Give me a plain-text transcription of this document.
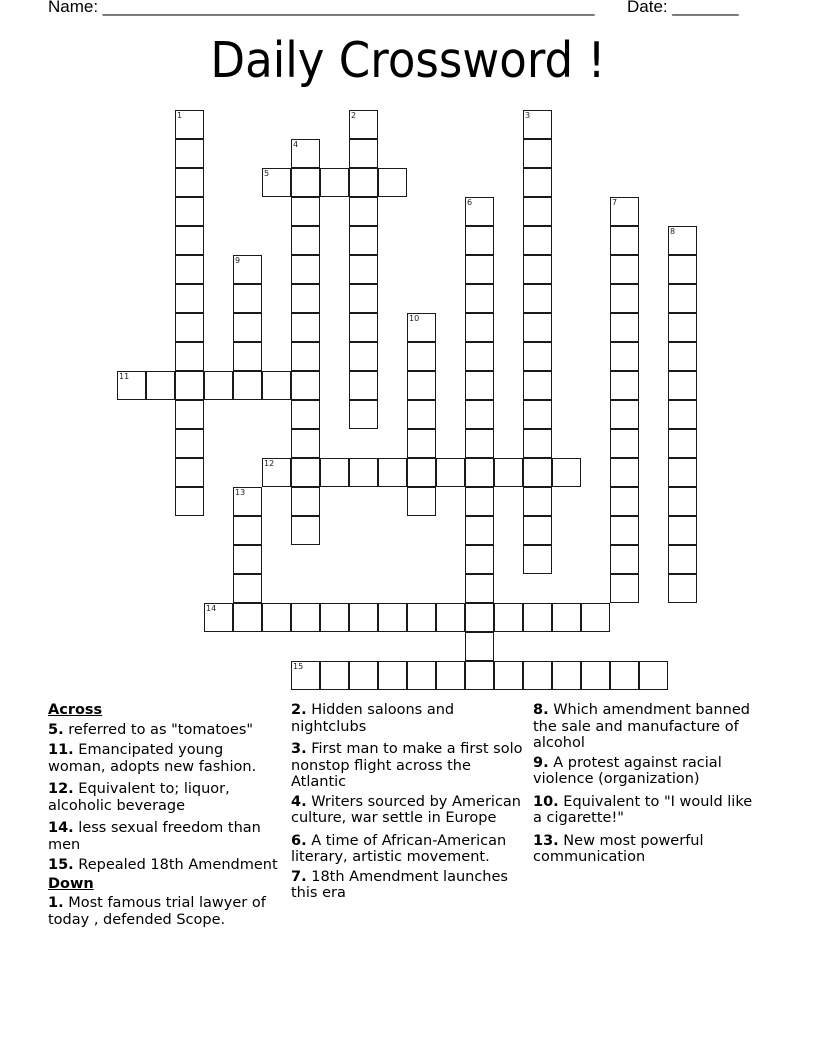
Name: ____________________________________________________ Date: _______
Daily Crossword !
1	2	3
4
5
6	7
8
9
10
11
12
13
14
15
Across
5. referred to as "tomatoes"
11. Emancipated young woman, adopts new fashion.
12. Equivalent to; liquor, alcoholic beverage
14. less sexual freedom than men
15. Repealed 18th Amendment
Down
1. Most famous trial lawyer of today , defended Scope.
2. Hidden saloons and nightclubs
3. First man to make a first solo nonstop flight across the Atlantic
4. Writers sourced by American culture, war settle in Europe
6. A time of African-American literary, artistic movement.
7. 18th Amendment launches this era
8. Which amendment banned the sale and manufacture of alcohol
9. A protest against racial violence (organization)
10. Equivalent to "I would like a cigarette!"
13. New most powerful communication
